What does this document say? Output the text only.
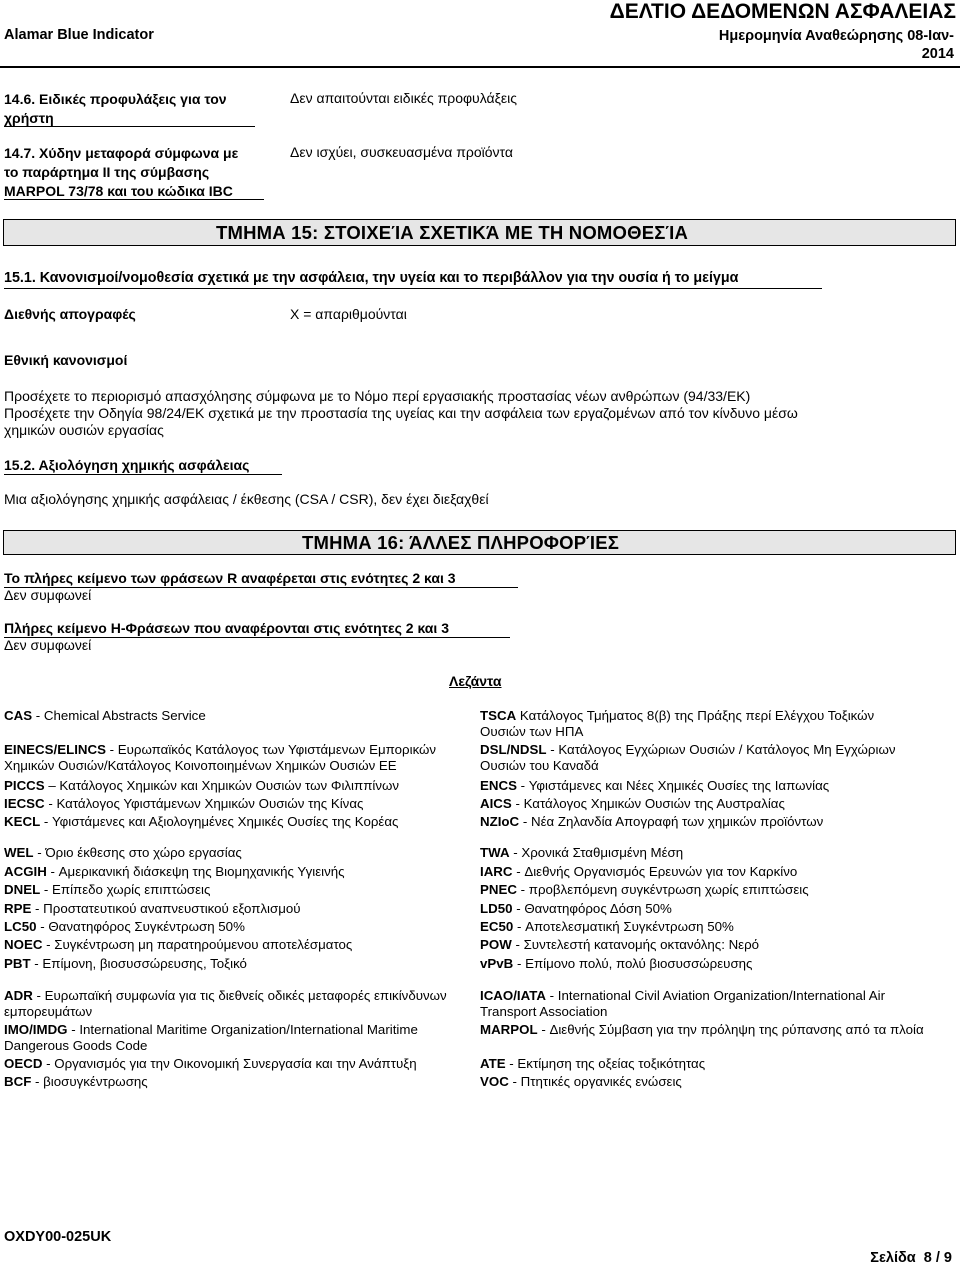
Alamar Blue Indicator
ΔΕΛΤΙΟ ΔΕΔΟΜΕΝΩΝ ΑΣΦΑΛΕΙΑΣ
Ημερομηνία Αναθεώρησης 08-Ιαν-
2014
14.6. Ειδικές προφυλάξεις για τον
χρήστη
Δεν απαιτούνται ειδικές προφυλάξεις
14.7. Χύδην μεταφορά σύμφωνα με
το παράρτημα ΙΙ της σύμβασης
MARPOL 73/78 και του κώδικα IBC
Δεν ισχύει, συσκευασμένα προϊόντα
ΤΜΗΜΑ 15: ΣΤΟΙΧΕΊΑ ΣΧΕΤΙΚΆ ΜΕ ΤΗ ΝΟΜΟΘΕΣΊΑ
15.1. Κανονισμοί/νομοθεσία σχετικά με την ασφάλεια, την υγεία και το περιβάλλον για την ουσία ή το μείγμα
Διεθνής απογραφές	X = απαριθμούνται
Εθνική κανονισμοί
Προσέχετε το περιορισμό απασχόλησης σύμφωνα με το Νόμο περί εργασιακής προστασίας νέων ανθρώπων (94/33/ΕΚ)
Προσέχετε την Οδηγία 98/24/ΕΚ σχετικά με την προστασία της υγείας και την ασφάλεια των εργαζομένων από τον κίνδυνο μέσω
χημικών ουσιών εργασίας
15.2. Αξιολόγηση χημικής ασφάλειας
Μια αξιολόγησης χημικής ασφάλειας / έκθεσης (CSA / CSR), δεν έχει διεξαχθεί
ΤΜΗΜΑ 16: ΆΛΛΕΣ ΠΛΗΡΟΦΟΡΊΕΣ
Το πλήρες κείμενο των φράσεων R αναφέρεται στις ενότητες 2 και 3
Δεν συμφωνεί
Πλήρες κείμενο Η-Φράσεων που αναφέρονται στις ενότητες 2 και 3
Δεν συμφωνεί
Λεζάντα
CAS - Chemical Abstracts Service
EINECS/ELINCS - Ευρωπαϊκός Κατάλογος των Υφιστάμενων Εμπορικών
Χημικών Ουσιών/Κατάλογος Κοινοποιημένων Χημικών Ουσιών ΕΕ
PICCS – Κατάλογος Χημικών και Χημικών Ουσιών των Φιλιππίνων
IECSC - Κατάλογος Υφιστάμενων Χημικών Ουσιών της Κίνας
KECL - Υφιστάμενες και Αξιολογημένες Χημικές Ουσίες της Κορέας
WEL - Όριο έκθεσης στο χώρο εργασίας
ACGIH - Αμερικανική διάσκεψη της Βιομηχανικής Υγιεινής
DNEL - Επίπεδο χωρίς επιπτώσεις
RPE - Προστατευτικού αναπνευστικού εξοπλισμού
LC50 - Θανατηφόρος Συγκέντρωση 50%
NOEC - Συγκέντρωση μη παρατηρούμενου αποτελέσματος
PBT - Επίμονη, βιοσυσσώρευσης, Τοξικό
ADR - Ευρωπαϊκή συμφωνία για τις διεθνείς οδικές μεταφορές επικίνδυνων
εμπορευμάτων
IMO/IMDG - International Maritime Organization/International Maritime
Dangerous Goods Code
OECD - Οργανισμός για την Οικονομική Συνεργασία και την Ανάπτυξη
BCF - βιοσυγκέντρωσης
TSCA Κατάλογος Τμήματος 8(β) της Πράξης περί Ελέγχου Τοξικών
Ουσιών των ΗΠΑ
DSL/NDSL - Κατάλογος Εγχώριων Ουσιών / Κατάλογος Μη Εγχώριων
Ουσιών του Καναδά
ENCS - Υφιστάμενες και Νέες Χημικές Ουσίες της Ιαπωνίας
AICS - Κατάλογος Χημικών Ουσιών της Αυστραλίας
NZIoC - Νέα Ζηλανδία Απογραφή των χημικών προϊόντων
TWA - Χρονικά Σταθμισμένη Μέση
IARC - Διεθνής Οργανισμός Ερευνών για τον Καρκίνο
PNEC - προβλεπόμενη συγκέντρωση χωρίς επιπτώσεις
LD50 - Θανατηφόρος Δόση 50%
EC50 - Αποτελεσματική Συγκέντρωση 50%
POW - Συντελεστή κατανομής οκτανόλης: Νερό
vPvB - Επίμονο πολύ, πολύ βιοσυσσώρευσης
ICAO/IATA - International Civil Aviation Organization/International Air
Transport Association
MARPOL - Διεθνής Σύμβαση για την πρόληψη της ρύπανσης από τα πλοία
ATE - Εκτίμηση της οξείας τοξικότητας
VOC - Πτητικές οργανικές ενώσεις
OXDY00-025UK
Σελίδα 8 / 9
